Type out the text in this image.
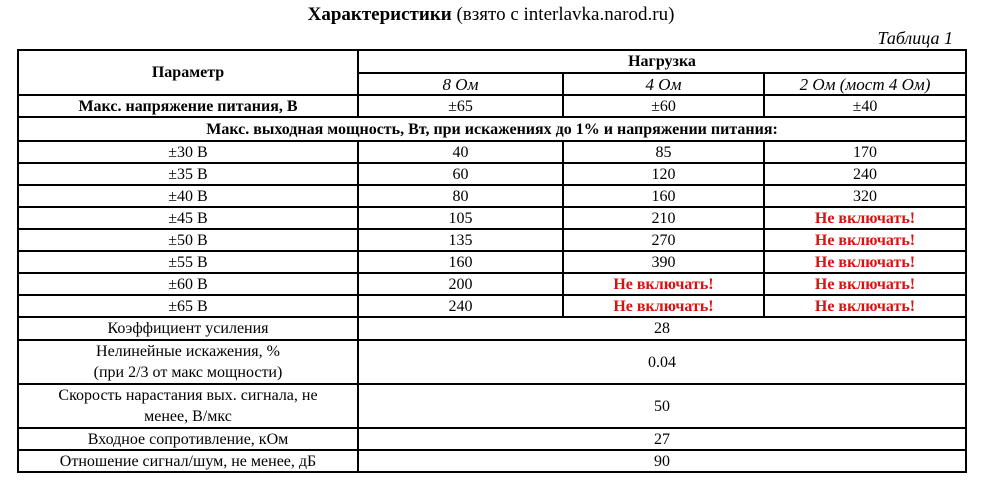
Характеристики (взято с interlavka.narod.ru)
Таблица 1
Параметр	Нагрузка		
	8 Ом	4 Ом	2 Ом (мост 4 Ом)
Макс. напряжение питания, В	±65	±60	±40
Макс. выходная мощность, Вт, при искажениях до 1% и напряжении питания:			
±30 В	40	85	170
±35 В	60	120	240
±40 В	80	160	320
±45 В	105	210	Не включать!
±50 В	135	270	Не включать!
±55 В	160	390	Не включать!
±60 В	200	Не включать!	Не включать!
±65 В	240	Не включать!	Не включать!
Коэффициент усиления	28		
Нелинейные искажения, %
(при 2/3 от макс мощности)	0.04		
Скорость нарастания вых. сигнала, не
менее, В/мкс	50		
Входное сопротивление, кОм	27		
Отношение сигнал/шум, не менее, дБ	90		
